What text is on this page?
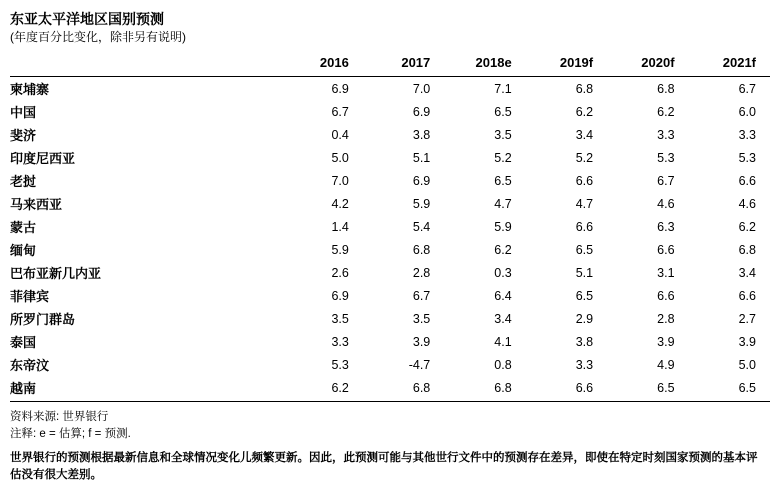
东亚太平洋地区国别预测
(年度百分比变化，除非另有说明)
	2016	2017	2018e	2019f	2020f	2021f
柬埔寨	6.9	7.0	7.1	6.8	6.8	6.7
中国	6.7	6.9	6.5	6.2	6.2	6.0
斐济	0.4	3.8	3.5	3.4	3.3	3.3
印度尼西亚	5.0	5.1	5.2	5.2	5.3	5.3
老挝	7.0	6.9	6.5	6.6	6.7	6.6
马来西亚	4.2	5.9	4.7	4.7	4.6	4.6
蒙古	1.4	5.4	5.9	6.6	6.3	6.2
缅甸	5.9	6.8	6.2	6.5	6.6	6.8
巴布亚新几内亚	2.6	2.8	0.3	5.1	3.1	3.4
菲律宾	6.9	6.7	6.4	6.5	6.6	6.6
所罗门群岛	3.5	3.5	3.4	2.9	2.8	2.7
泰国	3.3	3.9	4.1	3.8	3.9	3.9
东帝汶	5.3	-4.7	0.8	3.3	4.9	5.0
越南	6.2	6.8	6.8	6.6	6.5	6.5
资料来源: 世界银行
注释: e = 估算; f = 预测.
世界银行的预测根据最新信息和全球情况变化儿频繁更新。因此，此预测可能与其他世行文件中的预测存在差异，即使在特定时刻国家预测的基本评估没有很大差别。
